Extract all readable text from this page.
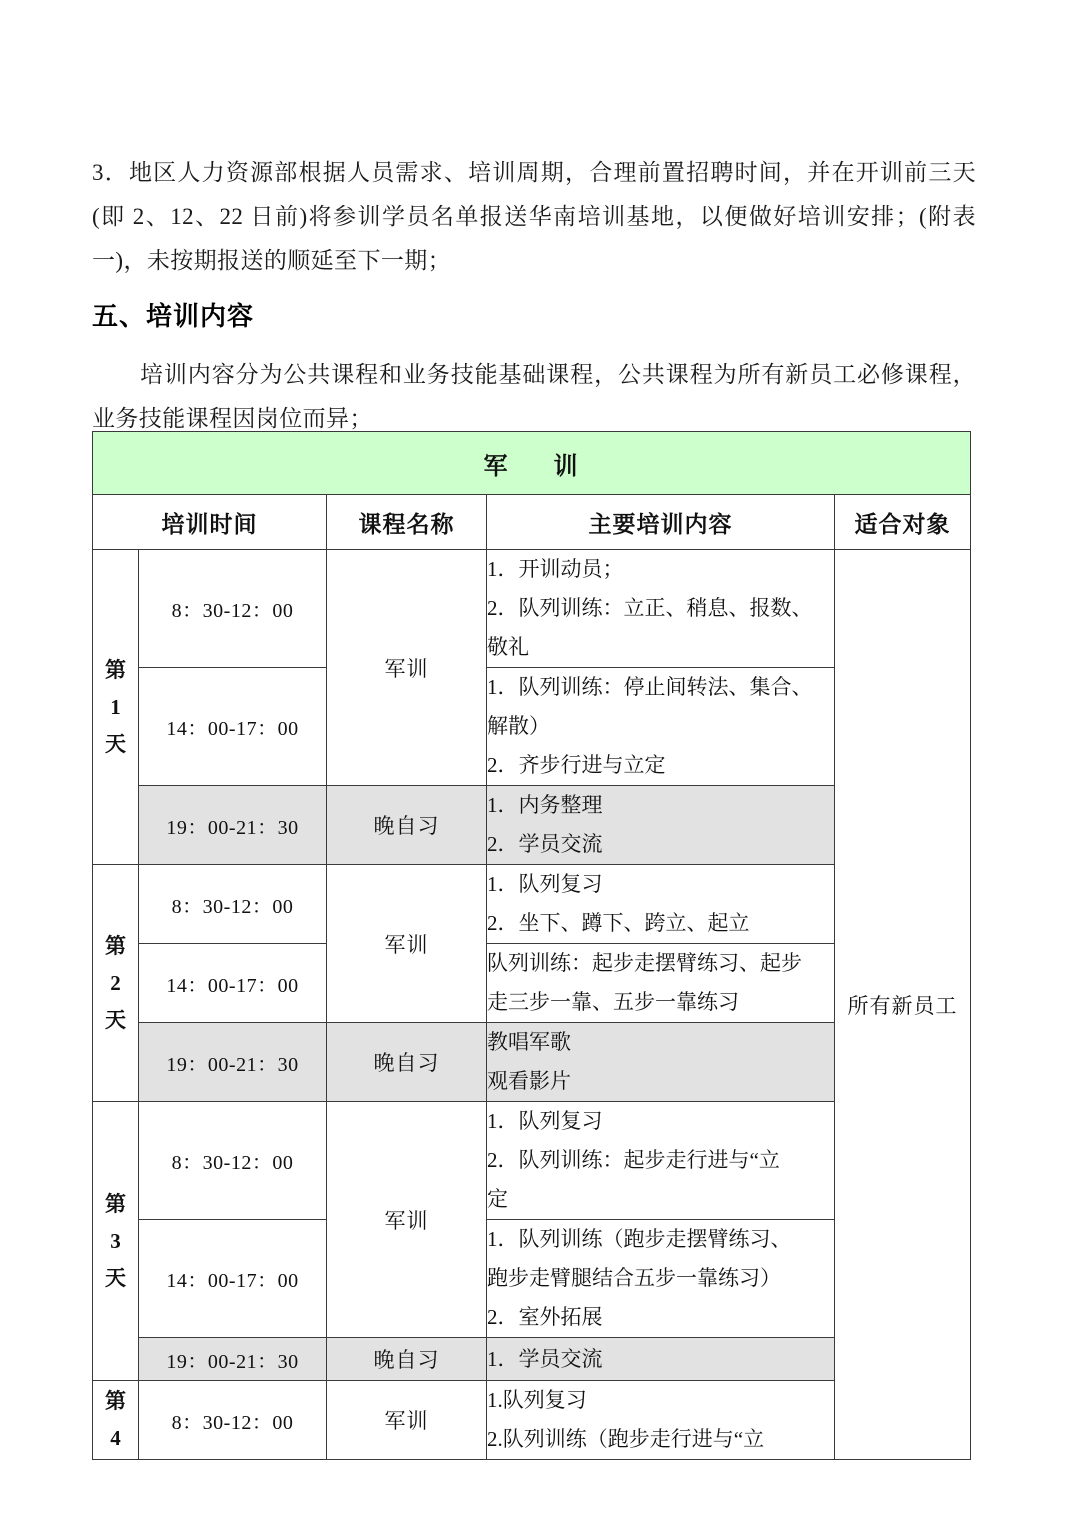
3．地区人力资源部根据人员需求、培训周期，合理前置招聘时间，并在开训前三天(即 2、12、22 日前)将参训学员名单报送华南培训基地，以便做好培训安排；(附表一)，未按期报送的顺延至下一期；

五、培训内容

培训内容分为公共课程和业务技能基础课程，公共课程为所有新员工必修课程，业务技能课程因岗位而异；

军 训				
培训时间		课程名称	主要培训内容	适合对象

第
1
天	8：30-12：00	军训	1．开训动员；
2．队列训练：立正、稍息、报数、
敬礼	所有新员工
	14：00-17：00		1．队列训练：停止间转法、集合、
解散）
2．齐步行进与立定	

	19：00-21：30	晚自习	1．内务整理
2．学员交流	

第
2
天	8：30-12：00	军训	1．队列复习
2．坐下、蹲下、跨立、起立	

	14：00-17：00		队列训练：起步走摆臂练习、起步
走三步一靠、五步一靠练习	

	19：00-21：30	晚自习	教唱军歌
观看影片	

第
3
天	8：30-12：00	军训	1．队列复习
2．队列训练：起步走行进与“立
定	

	14：00-17：00		1．队列训练（跑步走摆臂练习、
跑步走臂腿结合五步一靠练习）
2．室外拓展	

	19：00-21：30	晚自习	1．学员交流	

第
4	8：30-12：00	军训	1.队列复习
2.队列训练（跑步走行进与“立	
